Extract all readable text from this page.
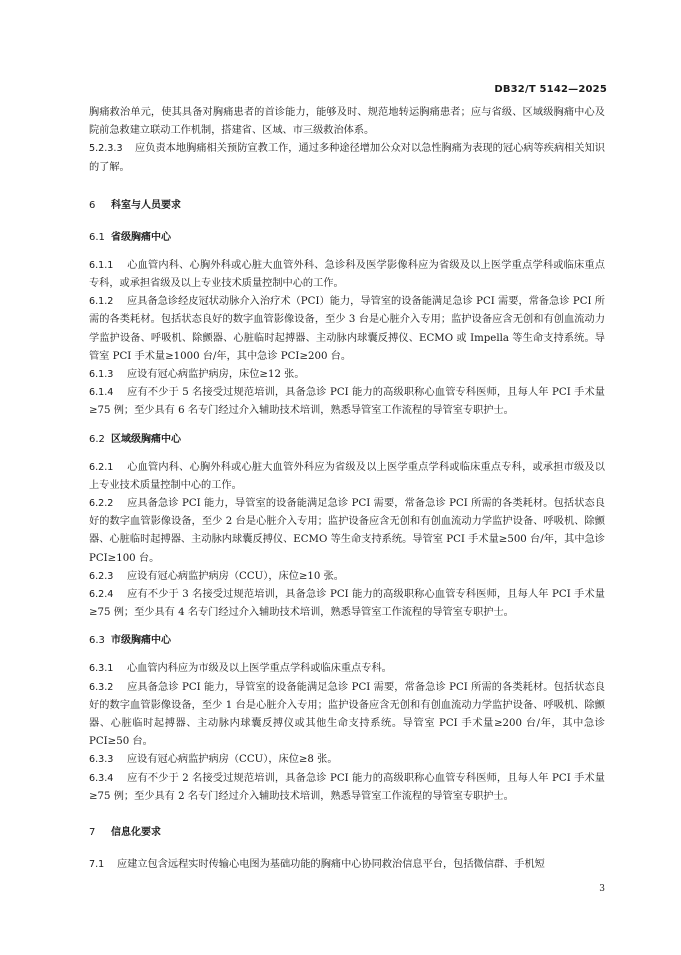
DB32/T 5142—2025

胸痛救治单元，使其具备对胸痛患者的首诊能力，能够及时、规范地转运胸痛患者；应与省级、区域级胸痛中心及院前急救建立联动工作机制，搭建省、区域、市三级救治体系。

5.2.3.3 应负责本地胸痛相关预防宣教工作，通过多种途径增加公众对以急性胸痛为表现的冠心病等疾病相关知识的了解。

6 科室与人员要求
6.1 省级胸痛中心

6.1.1 心血管内科、心胸外科或心脏大血管外科、急诊科及医学影像科应为省级及以上医学重点学科或临床重点专科，或承担省级及以上专业技术质量控制中心的工作。

6.1.2 应具备急诊经皮冠状动脉介入治疗术（PCI）能力，导管室的设备能满足急诊 PCI 需要，常备急诊 PCI 所需的各类耗材。包括状态良好的数字血管影像设备，至少 3 台是心脏介入专用；监护设备应含无创和有创血流动力学监护设备、呼吸机、除颤器、心脏临时起搏器、主动脉内球囊反搏仪、ECMO 或 Impella 等生命支持系统。导管室 PCI 手术量≥1000 台/年，其中急诊 PCI≥200 台。

6.1.3 应设有冠心病监护病房，床位≥12 张。

6.1.4 应有不少于 5 名接受过规范培训，具备急诊 PCI 能力的高级职称心血管专科医师，且每人年 PCI 手术量≥75 例；至少具有 6 名专门经过介入辅助技术培训，熟悉导管室工作流程的导管室专职护士。

6.2 区域级胸痛中心

6.2.1 心血管内科、心胸外科或心脏大血管外科应为省级及以上医学重点学科或临床重点专科，或承担市级及以上专业技术质量控制中心的工作。

6.2.2 应具备急诊 PCI 能力，导管室的设备能满足急诊 PCI 需要，常备急诊 PCI 所需的各类耗材。包括状态良好的数字血管影像设备，至少 2 台是心脏介入专用；监护设备应含无创和有创血流动力学监护设备、呼吸机、除颤器、心脏临时起搏器、主动脉内球囊反搏仪、ECMO 等生命支持系统。导管室 PCI 手术量≥500 台/年，其中急诊 PCI≥100 台。

6.2.3 应设有冠心病监护病房（CCU），床位≥10 张。

6.2.4 应有不少于 3 名接受过规范培训，具备急诊 PCI 能力的高级职称心血管专科医师，且每人年 PCI 手术量≥75 例；至少具有 4 名专门经过介入辅助技术培训，熟悉导管室工作流程的导管室专职护士。

6.3 市级胸痛中心

6.3.1 心血管内科应为市级及以上医学重点学科或临床重点专科。

6.3.2 应具备急诊 PCI 能力，导管室的设备能满足急诊 PCI 需要，常备急诊 PCI 所需的各类耗材。包括状态良好的数字血管影像设备，至少 1 台是心脏介入专用；监护设备应含无创和有创血流动力学监护设备、呼吸机、除颤器、心脏临时起搏器、主动脉内球囊反搏仪或其他生命支持系统。导管室 PCI 手术量≥200 台/年，其中急诊 PCI≥50 台。

6.3.3 应设有冠心病监护病房（CCU），床位≥8 张。

6.3.4 应有不少于 2 名接受过规范培训，具备急诊 PCI 能力的高级职称心血管专科医师，且每人年 PCI 手术量≥75 例；至少具有 2 名专门经过介入辅助技术培训，熟悉导管室工作流程的导管室专职护士。

7 信息化要求

7.1 应建立包含远程实时传输心电图为基础功能的胸痛中心协同救治信息平台，包括微信群、手机短

3
